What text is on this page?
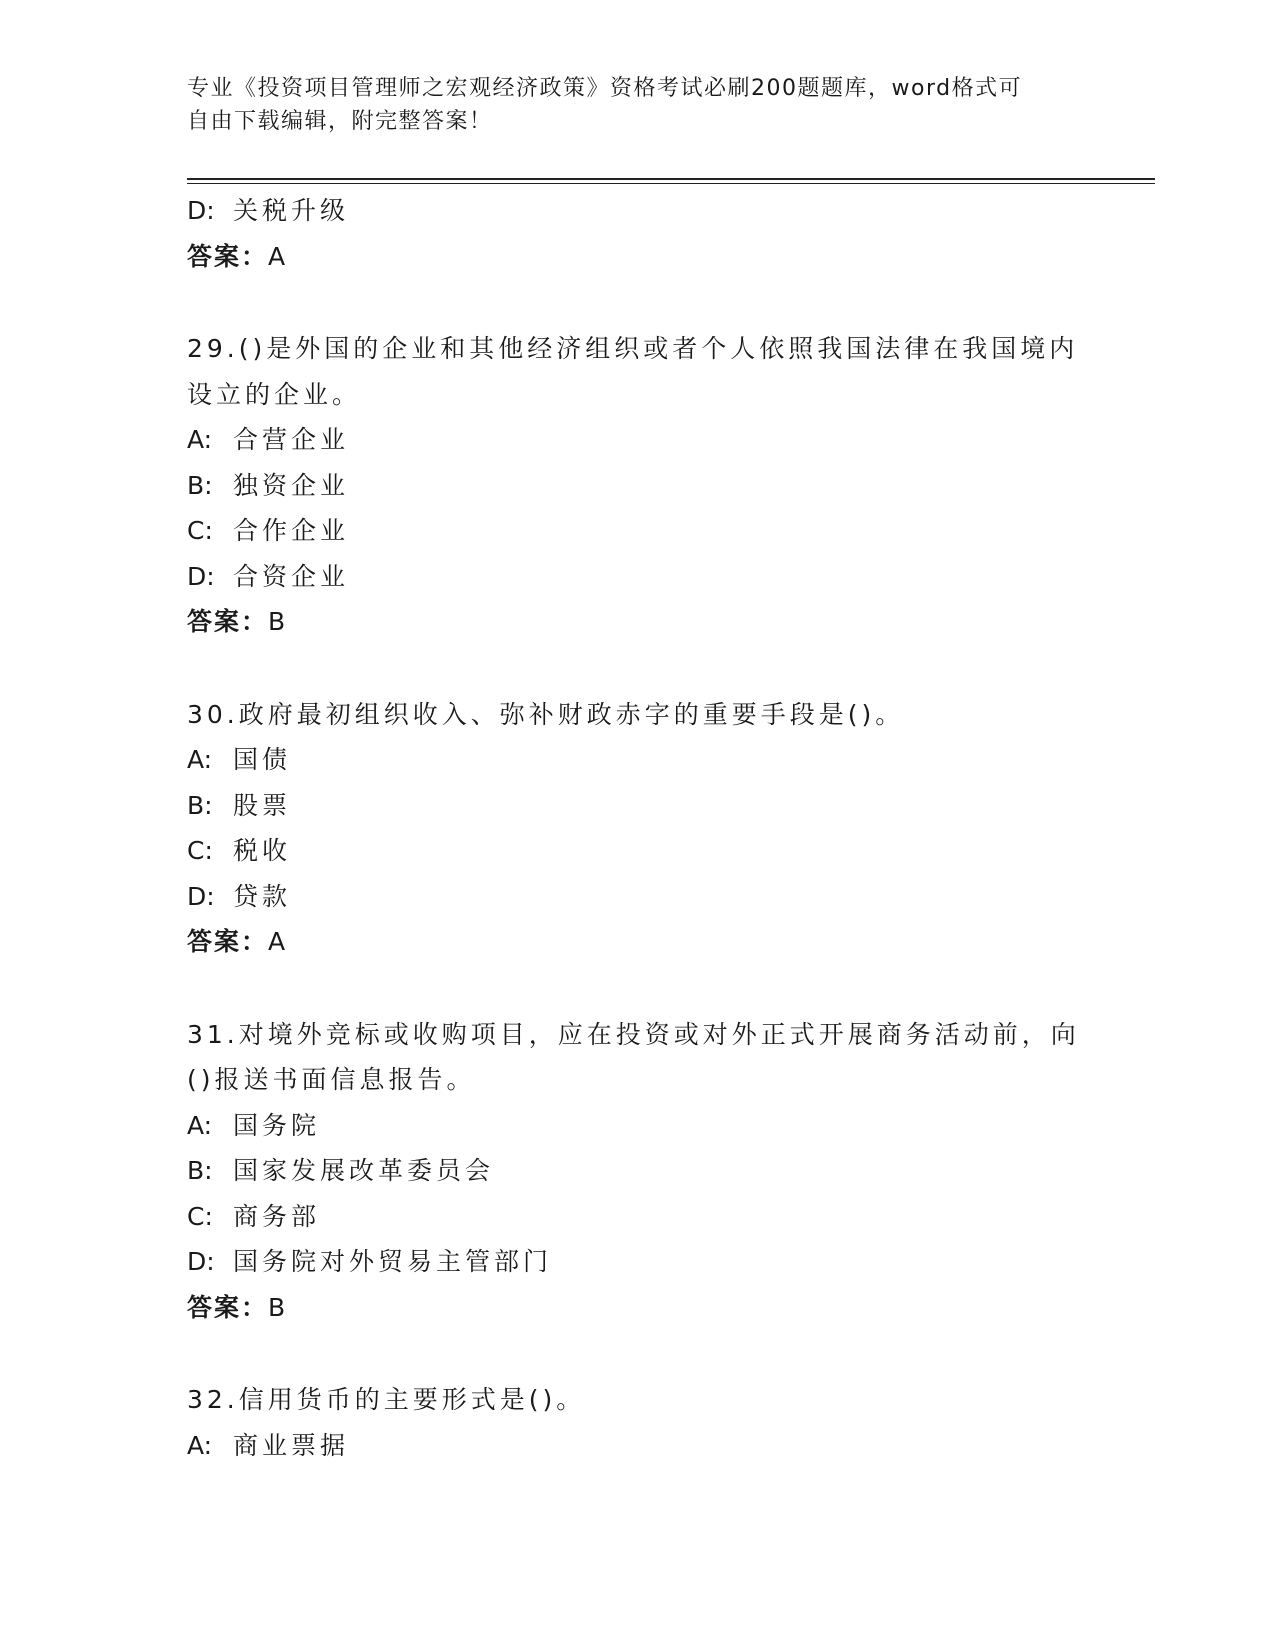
专业《投资项目管理师之宏观经济政策》资格考试必刷200题题库，word格式可
自由下载编辑，附完整答案！
D: 关税升级
答案：A
29.()是外国的企业和其他经济组织或者个人依照我国法律在我国境内
设立的企业。
A: 合营企业
B: 独资企业
C: 合作企业
D: 合资企业
答案：B
30.政府最初组织收入、弥补财政赤字的重要手段是()。
A: 国债
B: 股票
C: 税收
D: 贷款
答案：A
31.对境外竞标或收购项目，应在投资或对外正式开展商务活动前，向
()报送书面信息报告。
A: 国务院
B: 国家发展改革委员会
C: 商务部
D: 国务院对外贸易主管部门
答案：B
32.信用货币的主要形式是()。
A: 商业票据
